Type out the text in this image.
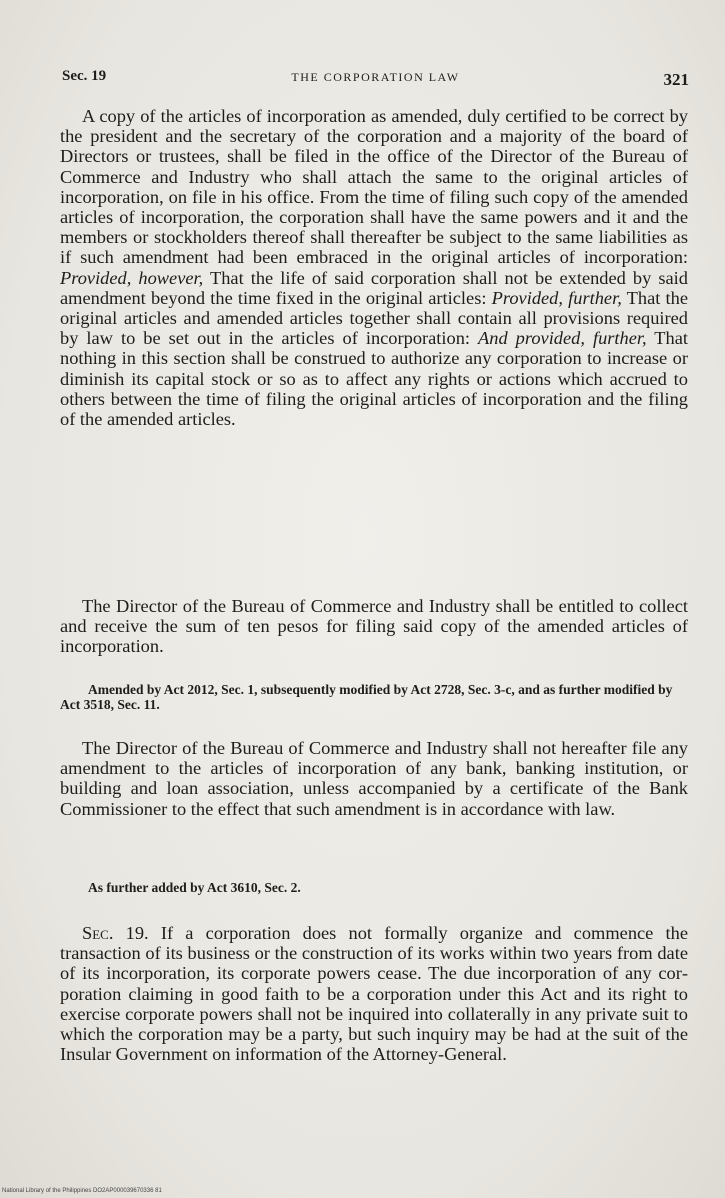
Sec. 19	THE CORPORATION LAW	321

A copy of the articles of incorporation as amended, duly certified to be correct by the president and the secretary of the corporation and a majority of the board of Directors or trustees, shall be filed in the office of the Director of the Bureau of Commerce and Industry who shall attach the same to the original articles of incorporation, on file in his office. From the time of filing such copy of the amended articles of incorporation, the corporation shall have the same powers and it and the members or stockholders thereof shall thereafter be subject to the same liabilities as if such amendment had been embraced in the original articles of incorporation: Provided, however, That the life of said corporation shall not be extended by said amendment beyond the time fixed in the original articles: Provided, further, That the original articles and amended articles together shall contain all provisions required by law to be set out in the articles of incorporation: And provided, further, That nothing in this section shall be construed to authorize any corporation to increase or diminish its capital stock or so as to affect any rights or actions which accrued to others between the time of filing the original articles of incorporation and the filing of the amended articles.

The Director of the Bureau of Commerce and Industry shall be entitled to collect and receive the sum of ten pesos for filing said copy of the amended articles of incorporation.

Amended by Act 2012, Sec. 1, subsequently modified by Act 2728, Sec. 3-c, and as further modified by Act 3518, Sec. 11.

The Director of the Bureau of Commerce and Industry shall not hereafter file any amendment to the articles of incorporation of any bank, banking institution, or building and loan association, unless accompanied by a certificate of the Bank Commissioner to the effect that such amendment is in accordance with law.

As further added by Act 3610, Sec. 2.

Sec. 19. If a corporation does not formally organize and commence the transaction of its business or the construction of its works within two years from date of its incorporation, its corporate powers cease. The due incorporation of any corporation claiming in good faith to be a corporation under this Act and its right to exercise corporate powers shall not be inquired into collaterally in any private suit to which the corporation may be a party, but such inquiry may be had at the suit of the Insular Government on information of the Attorney-General.

National Library of the Philippines DO2AP000039670336 81
